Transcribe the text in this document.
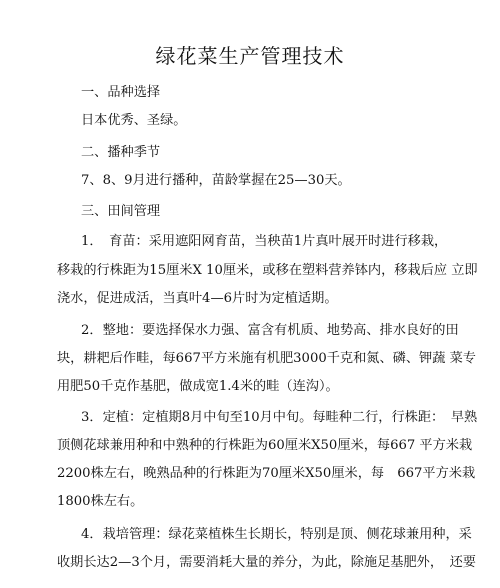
绿花菜生产管理技术
一、品种选择
日本优秀、圣绿。
二、播种季节
7、8、9月进行播种，苗龄掌握在25—30天。
三、田间管理
1．　育苗：采用遮阳网育苗，当秧苗1片真叶展开时进行移栽，
移栽的行株距为15厘米X 10厘米，或移在塑料营养钵内，移栽后应 立即
浇水，促进成活，当真叶4—6片时为定植适期。
2．整地：要选择保水力强、富含有机质、地势高、排水良好的田
块，耕耙后作畦，每667平方米施有机肥3000千克和氮、磷、钾蔬 菜专
用肥50千克作基肥，做成宽1.4米的畦（连沟）。
3．定植：定植期8月中旬至10月中旬。每畦种二行，行株距：　早熟
顶侧花球兼用种和中熟种的行株距为60厘米X50厘米，每667 平方米栽
2200株左右，晚熟品种的行株距为70厘米X50厘米，每　667平方米栽
1800株左右。
4．栽培管理：绿花菜植株生长期长，特别是顶、侧花球兼用种，采
收期长达2—3个月，需要消耗大量的养分，为此，除施足基肥外，　还要
